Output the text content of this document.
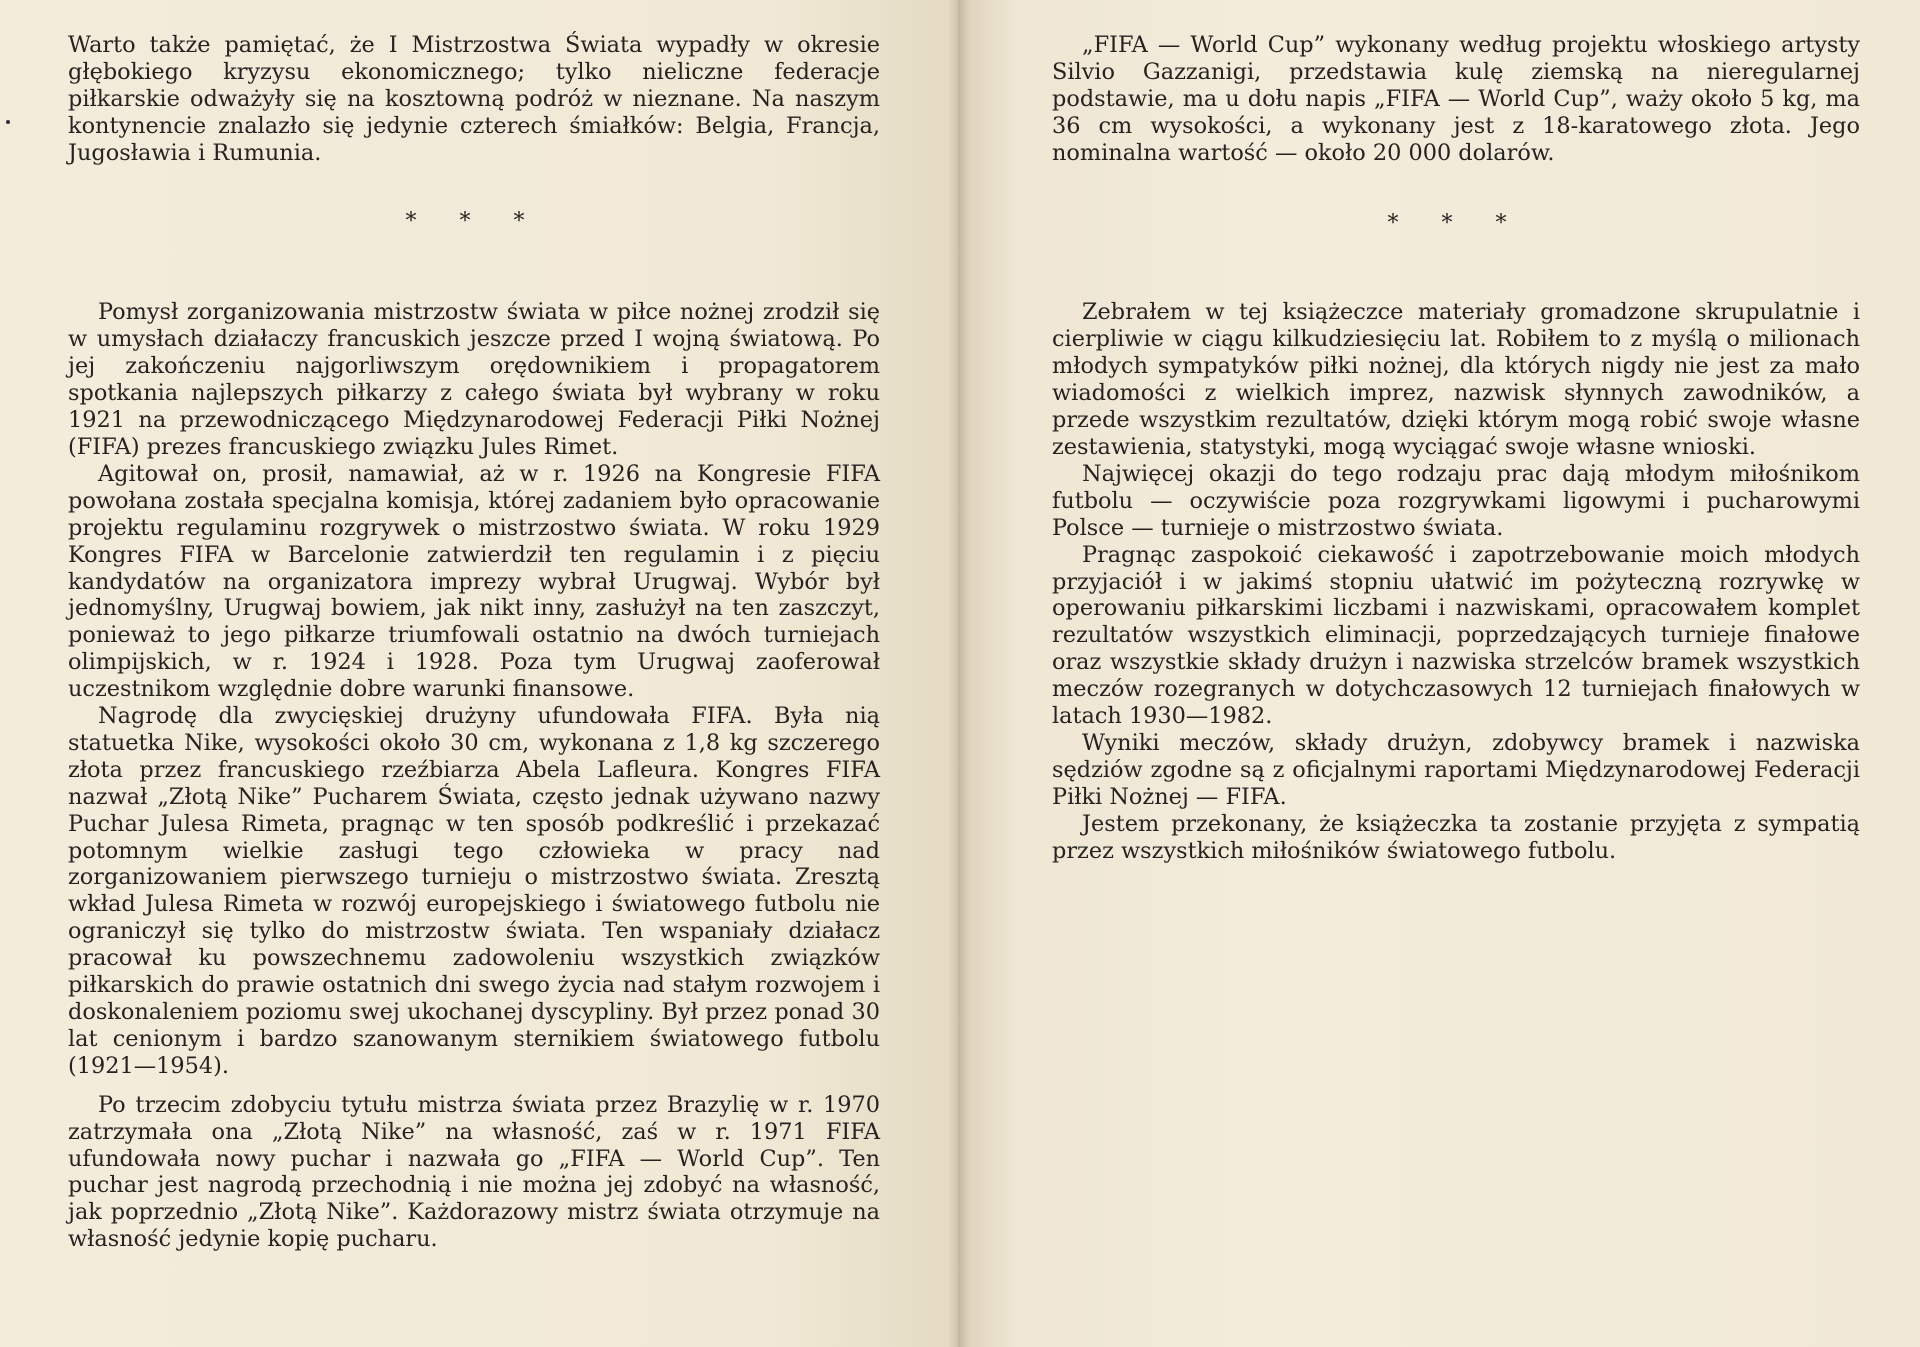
Warto także pamiętać, że I Mistrzostwa Świata wypadły w okresie głębokiego kryzysu ekonomicznego; tylko nieliczne federacje piłkarskie odważyły się na kosztowną podróż w nieznane. Na naszym kontynencie znalazło się jedynie czterech śmiałków: Belgia, Francja, Jugosławia i Rumunia.

* * *

Pomysł zorganizowania mistrzostw świata w piłce nożnej zrodził się w umysłach działaczy francuskich jeszcze przed I wojną światową. Po jej zakończeniu najgorliwszym orędownikiem i propagatorem spotkania najlepszych piłkarzy z całego świata był wybrany w roku 1921 na przewodniczącego Międzynarodowej Federacji Piłki Nożnej (FIFA) prezes francuskiego związku Jules Rimet.

Agitował on, prosił, namawiał, aż w r. 1926 na Kongresie FIFA powołana została specjalna komisja, której zadaniem było opracowanie projektu regulaminu rozgrywek o mistrzostwo świata. W roku 1929 Kongres FIFA w Barcelonie zatwierdził ten regulamin i z pięciu kandydatów na organizatora imprezy wybrał Urugwaj. Wybór był jednomyślny, Urugwaj bowiem, jak nikt inny, zasłużył na ten zaszczyt, ponieważ to jego piłkarze triumfowali ostatnio na dwóch turniejach olimpijskich, w r. 1924 i 1928. Poza tym Urugwaj zaoferował uczestnikom względnie dobre warunki finansowe.

Nagrodę dla zwycięskiej drużyny ufundowała FIFA. Była nią statuetka Nike, wysokości około 30 cm, wykonana z 1,8 kg szczerego złota przez francuskiego rzeźbiarza Abela Lafleura. Kongres FIFA nazwał „Złotą Nike” Pucharem Świata, często jednak używano nazwy Puchar Julesa Rimeta, pragnąc w ten sposób podkreślić i przekazać potomnym wielkie zasługi tego człowieka w pracy nad zorganizowaniem pierwszego turnieju o mistrzostwo świata. Zresztą wkład Julesa Rimeta w rozwój europejskiego i światowego futbolu nie ograniczył się tylko do mistrzostw świata. Ten wspaniały działacz pracował ku powszechnemu zadowoleniu wszystkich związków piłkarskich do prawie ostatnich dni swego życia nad stałym rozwojem i doskonaleniem poziomu swej ukochanej dyscypliny. Był przez ponad 30 lat cenionym i bardzo szanowanym sternikiem światowego futbolu (1921—1954).

Po trzecim zdobyciu tytułu mistrza świata przez Brazylię w r. 1970 zatrzymała ona „Złotą Nike” na własność, zaś w r. 1971 FIFA ufundowała nowy puchar i nazwała go „FIFA — World Cup”. Ten puchar jest nagrodą przechodnią i nie można jej zdobyć na własność, jak poprzednio „Złotą Nike”. Każdorazowy mistrz świata otrzymuje na własność jedynie kopię pucharu.

„FIFA — World Cup” wykonany według projektu włoskiego artysty Silvio Gazzanigi, przedstawia kulę ziemską na nieregularnej podstawie, ma u dołu napis „FIFA — World Cup”, waży około 5 kg, ma 36 cm wysokości, a wykonany jest z 18-karatowego złota. Jego nominalna wartość — około 20 000 dolarów.

* * *

Zebrałem w tej książeczce materiały gromadzone skrupulatnie i cierpliwie w ciągu kilkudziesięciu lat. Robiłem to z myślą o milionach młodych sympatyków piłki nożnej, dla których nigdy nie jest za mało wiadomości z wielkich imprez, nazwisk słynnych zawodników, a przede wszystkim rezultatów, dzięki którym mogą robić swoje własne zestawienia, statystyki, mogą wyciągać swoje własne wnioski.

Najwięcej okazji do tego rodzaju prac dają młodym miłośnikom futbolu — oczywiście poza rozgrywkami ligowymi i pucharowymi Polsce — turnieje o mistrzostwo świata.

Pragnąc zaspokoić ciekawość i zapotrzebowanie moich młodych przyjaciół i w jakimś stopniu ułatwić im pożyteczną rozrywkę w operowaniu piłkarskimi liczbami i nazwiskami, opracowałem komplet rezultatów wszystkich eliminacji, poprzedzających turnieje finałowe oraz wszystkie składy drużyn i nazwiska strzelców bramek wszystkich meczów rozegranych w dotychczasowych 12 turniejach finałowych w latach 1930—1982.

Wyniki meczów, składy drużyn, zdobywcy bramek i nazwiska sędziów zgodne są z oficjalnymi raportami Międzynarodowej Federacji Piłki Nożnej — FIFA.

Jestem przekonany, że książeczka ta zostanie przyjęta z sympatią przez wszystkich miłośników światowego futbolu.
